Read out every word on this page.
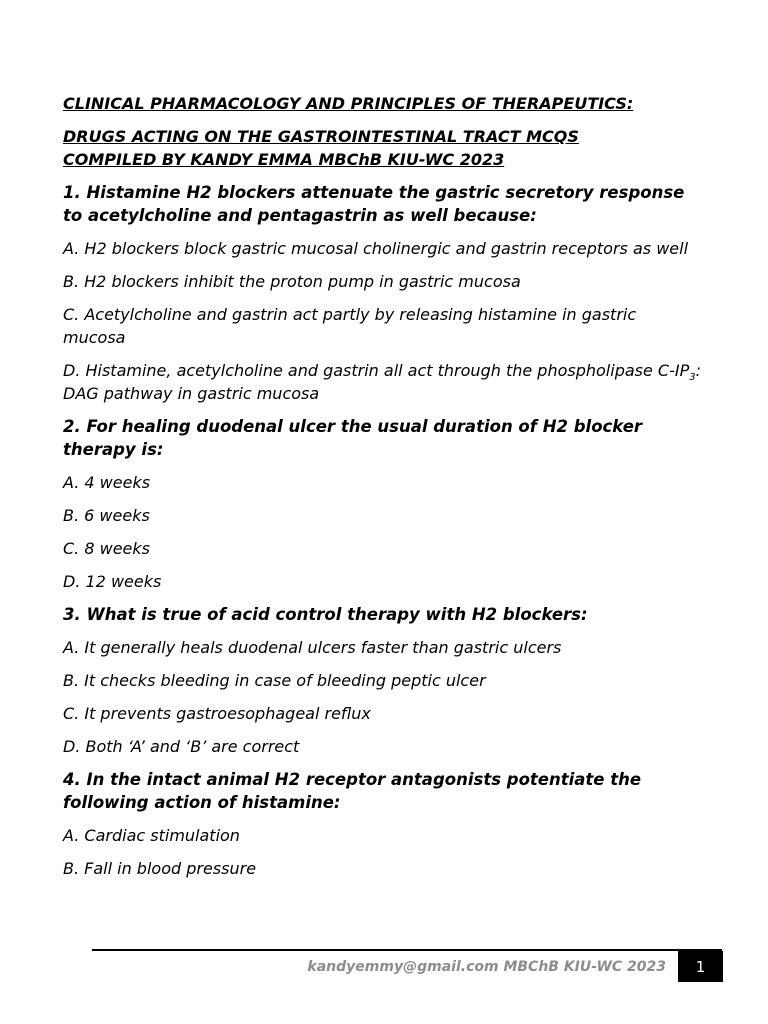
CLINICAL PHARMACOLOGY AND PRINCIPLES OF THERAPEUTICS:

DRUGS ACTING ON THE GASTROINTESTINAL TRACT MCQS
COMPILED BY KANDY EMMA MBChB KIU-WC 2023

1. Histamine H2 blockers attenuate the gastric secretory response to acetylcholine and pentagastrin as well because:

A. H2 blockers block gastric mucosal cholinergic and gastrin receptors as well

B. H2 blockers inhibit the proton pump in gastric mucosa

C. Acetylcholine and gastrin act partly by releasing histamine in gastric mucosa

D. Histamine, acetylcholine and gastrin all act through the phospholipase $C-IP_3$: DAG pathway in gastric mucosa

2. For healing duodenal ulcer the usual duration of H2 blocker therapy is:

A. 4 weeks

B. 6 weeks

C. 8 weeks

D. 12 weeks

3. What is true of acid control therapy with H2 blockers:

A. It generally heals duodenal ulcers faster than gastric ulcers

B. It checks bleeding in case of bleeding peptic ulcer

C. It prevents gastroesophageal reflux

D. Both ‘A’ and ‘B’ are correct

4. In the intact animal H2 receptor antagonists potentiate the following action of histamine:

A. Cardiac stimulation

B. Fall in blood pressure

kandyemmy@gmail.com MBChB KIU-WC 2023	1
